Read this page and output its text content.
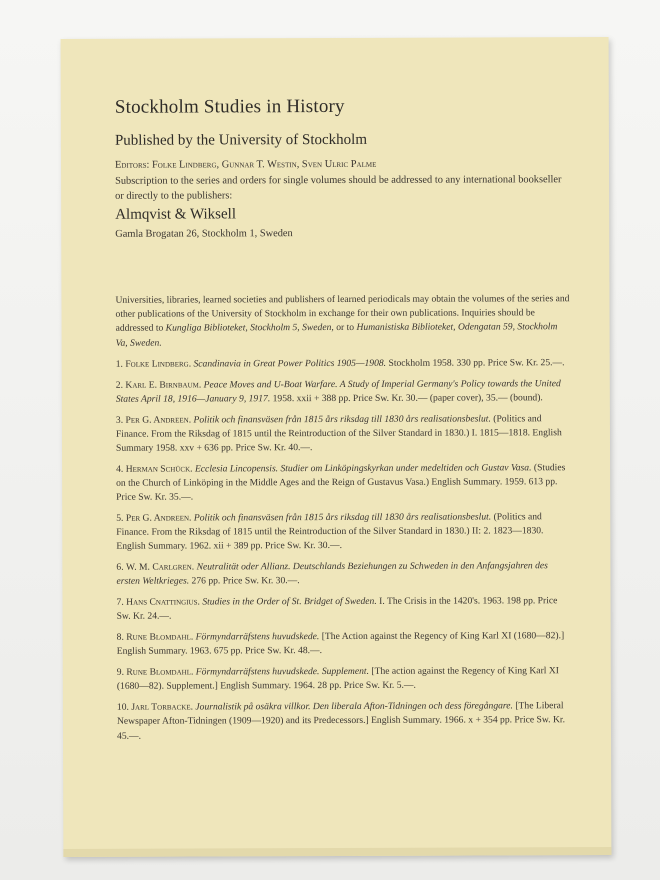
Stockholm Studies in History
Published by the University of Stockholm

Editors: Folke Lindberg, Gunnar T. Westin, Sven Ulric Palme

Subscription to the series and orders for single volumes should be addressed to any international bookseller or directly to the publishers:

Almqvist & Wiksell

Gamla Brogatan 26, Stockholm 1, Sweden

Universities, libraries, learned societies and publishers of learned periodicals may obtain the volumes of the series and other publications of the University of Stockholm in exchange for their own publications. Inquiries should be addressed to Kungliga Biblioteket, Stockholm 5, Sweden, or to Humanistiska Biblioteket, Odengatan 59, Stockholm Va, Sweden.

1. Folke Lindberg. Scandinavia in Great Power Politics 1905—1908. Stockholm 1958. 330 pp. Price Sw. Kr. 25.—.
2. Karl E. Birnbaum. Peace Moves and U-Boat Warfare. A Study of Imperial Germany's Policy towards the United States April 18, 1916—January 9, 1917. 1958. xxii + 388 pp. Price Sw. Kr. 30.— (paper cover), 35.— (bound).
3. Per G. Andreen. Politik och finansväsen från 1815 års riksdag till 1830 års realisationsbeslut. (Politics and Finance. From the Riksdag of 1815 until the Reintroduction of the Silver Standard in 1830.) I. 1815—1818. English Summary 1958. xxv + 636 pp. Price Sw. Kr. 40.—.
4. Herman Schück. Ecclesia Lincopensis. Studier om Linköpingskyrkan under medeltiden och Gustav Vasa. (Studies on the Church of Linköping in the Middle Ages and the Reign of Gustavus Vasa.) English Summary. 1959. 613 pp. Price Sw. Kr. 35.—.
5. Per G. Andreen. Politik och finansväsen från 1815 års riksdag till 1830 års realisationsbeslut. (Politics and Finance. From the Riksdag of 1815 until the Reintroduction of the Silver Standard in 1830.) II: 2. 1823—1830. English Summary. 1962. xii + 389 pp. Price Sw. Kr. 30.—.
6. W. M. Carlgren. Neutralität oder Allianz. Deutschlands Beziehungen zu Schweden in den Anfangsjahren des ersten Weltkrieges. 276 pp. Price Sw. Kr. 30.—.
7. Hans Cnattingius. Studies in the Order of St. Bridget of Sweden. I. The Crisis in the 1420's. 1963. 198 pp. Price Sw. Kr. 24.—.
8. Rune Blomdahl. Förmyndarräfstens huvudskede. [The Action against the Regency of King Karl XI (1680—82).] English Summary. 1963. 675 pp. Price Sw. Kr. 48.—.
9. Rune Blomdahl. Förmyndarräfstens huvudskede. Supplement. [The action against the Regency of King Karl XI (1680—82). Supplement.] English Summary. 1964. 28 pp. Price Sw. Kr. 5.—.
10. Jarl Torbacke. Journalistik på osäkra villkor. Den liberala Afton-Tidningen och dess föregångare. [The Liberal Newspaper Afton-Tidningen (1909—1920) and its Predecessors.] English Summary. 1966. x + 354 pp. Price Sw. Kr. 45.—.
